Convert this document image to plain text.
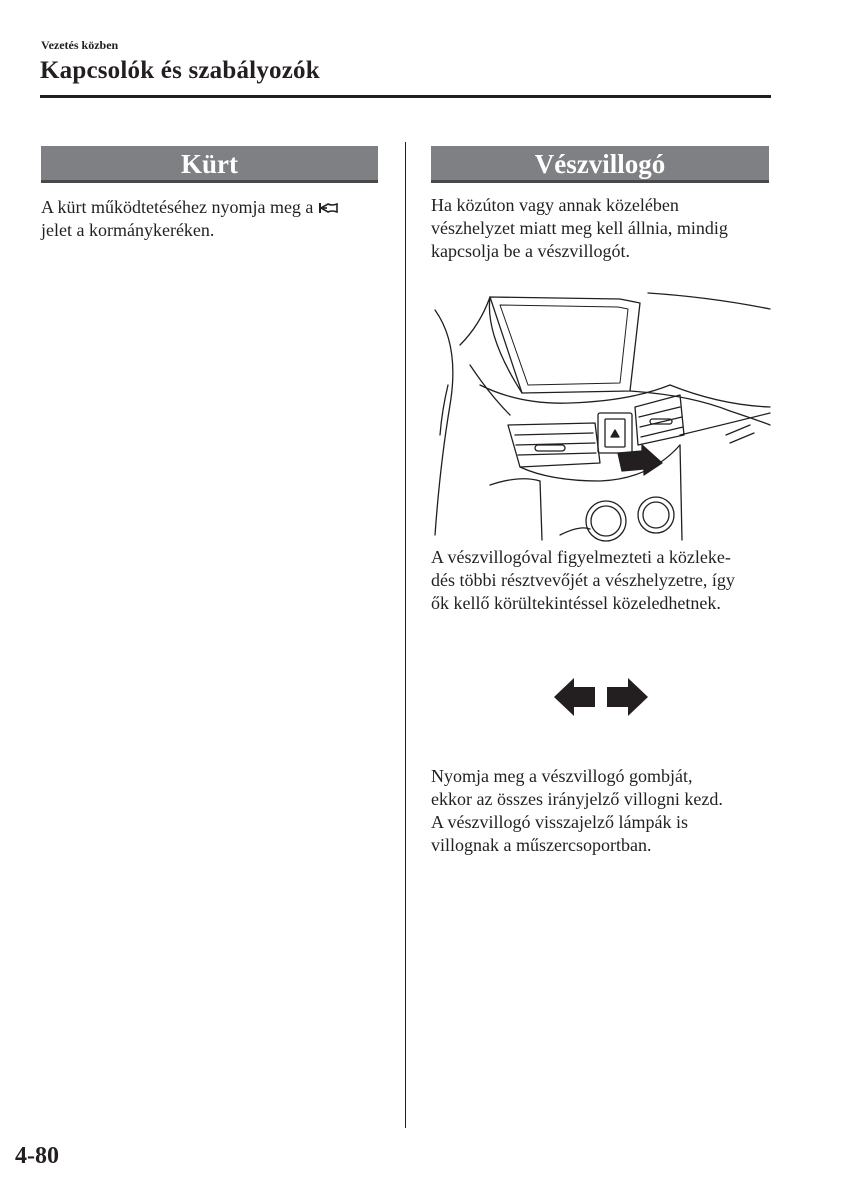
Vezetés közben
Kapcsolók és szabályozók
Kürt

A kürt működtetéséhez nyomja meg a

jelet a kormánykeréken.

Vészvillogó

Ha közúton vagy annak közelében

vészhelyzet miatt meg kell állnia, mindig

kapcsolja be a vészvillogót.

A vészvillogóval figyelmezteti a közleke-

dés többi résztvevőjét a vészhelyzetre, így

ők kellő körültekintéssel közeledhetnek.

Nyomja meg a vészvillogó gombját,

ekkor az összes irányjelző villogni kezd.

A vészvillogó visszajelző lámpák is

villognak a műszercsoportban.

4-80
